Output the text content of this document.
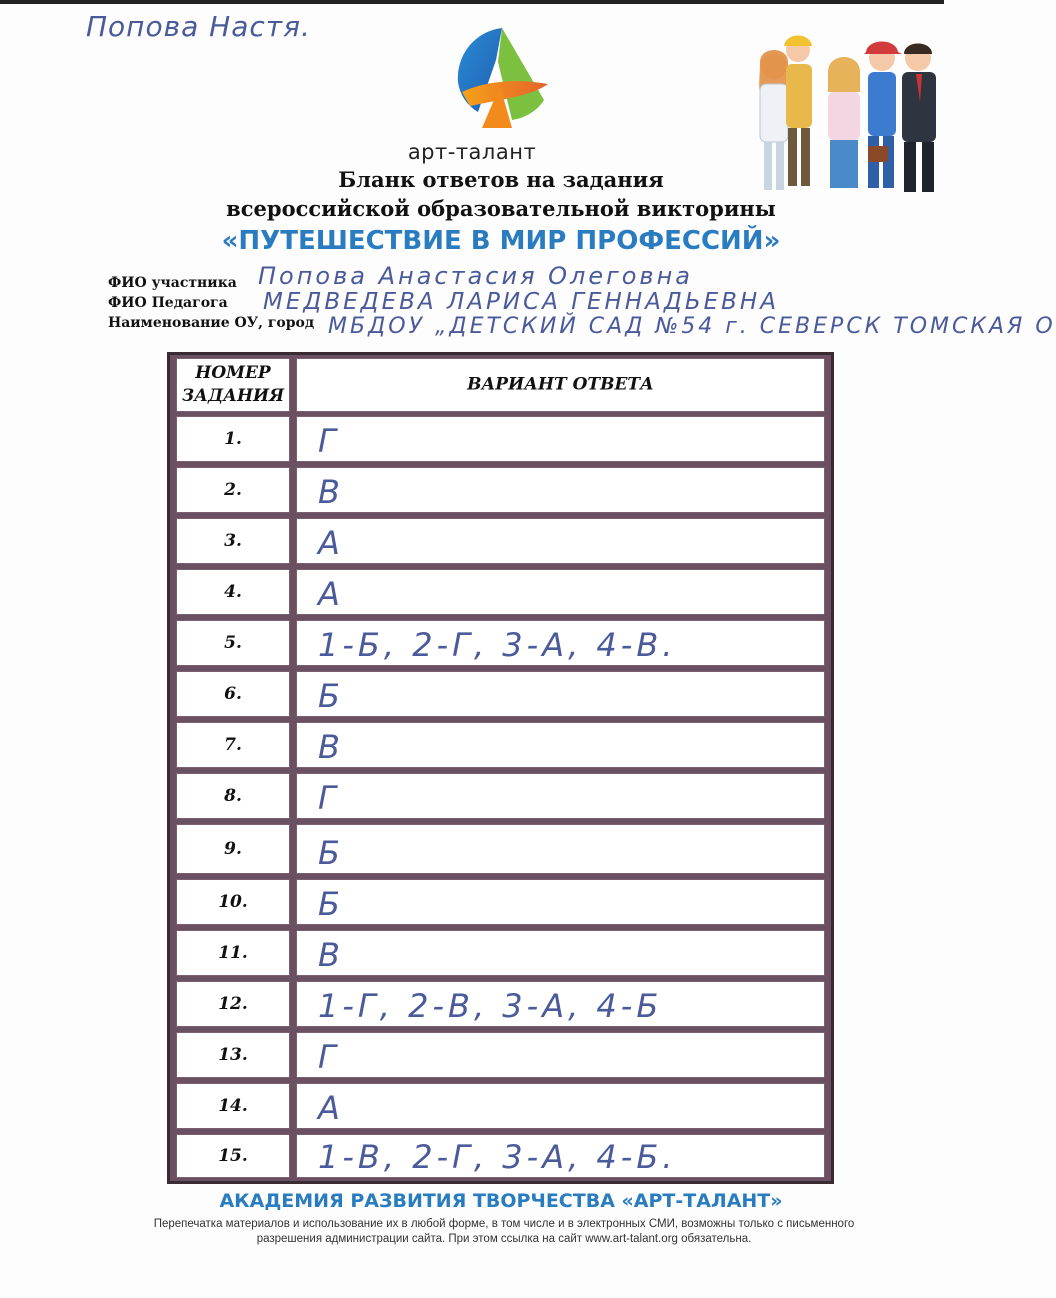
Попова Настя.
арт-талант
Бланк ответов на задания
всероссийской образовательной викторины
«ПУТЕШЕСТВИЕ В МИР ПРОФЕССИЙ»
ФИО участника Попова Анастасия Олеговна
ФИО Педагога МЕДВЕДЕВА ЛАРИСА ГЕННАДЬЕВНА
Наименование ОУ, город МБДОУ „ДЕТСКИЙ САД №54 г. СЕВЕРСК ТОМСКАЯ О
НОМЕР ЗАДАНИЯ
ВАРИАНТ ОТВЕТА
1.	Г
2.	В
3.	А
4.	А
5.	1-Б, 2-Г, 3-А, 4-В.
6.	Б
7.	В
8.	Г
9.	Б
10.	Б
11.	В
12.	1-Г, 2-В, 3-А, 4-Б
13.	Г
14.	А
15.	1-В, 2-Г, 3-А, 4-Б.
АКАДЕМИЯ РАЗВИТИЯ ТВОРЧЕСТВА «АРТ-ТАЛАНТ»
Перепечатка материалов и использование их в любой форме, в том числе и в электронных СМИ, возможны только с письменного разрешения администрации сайта. При этом ссылка на сайт www.art-talant.org обязательна.
